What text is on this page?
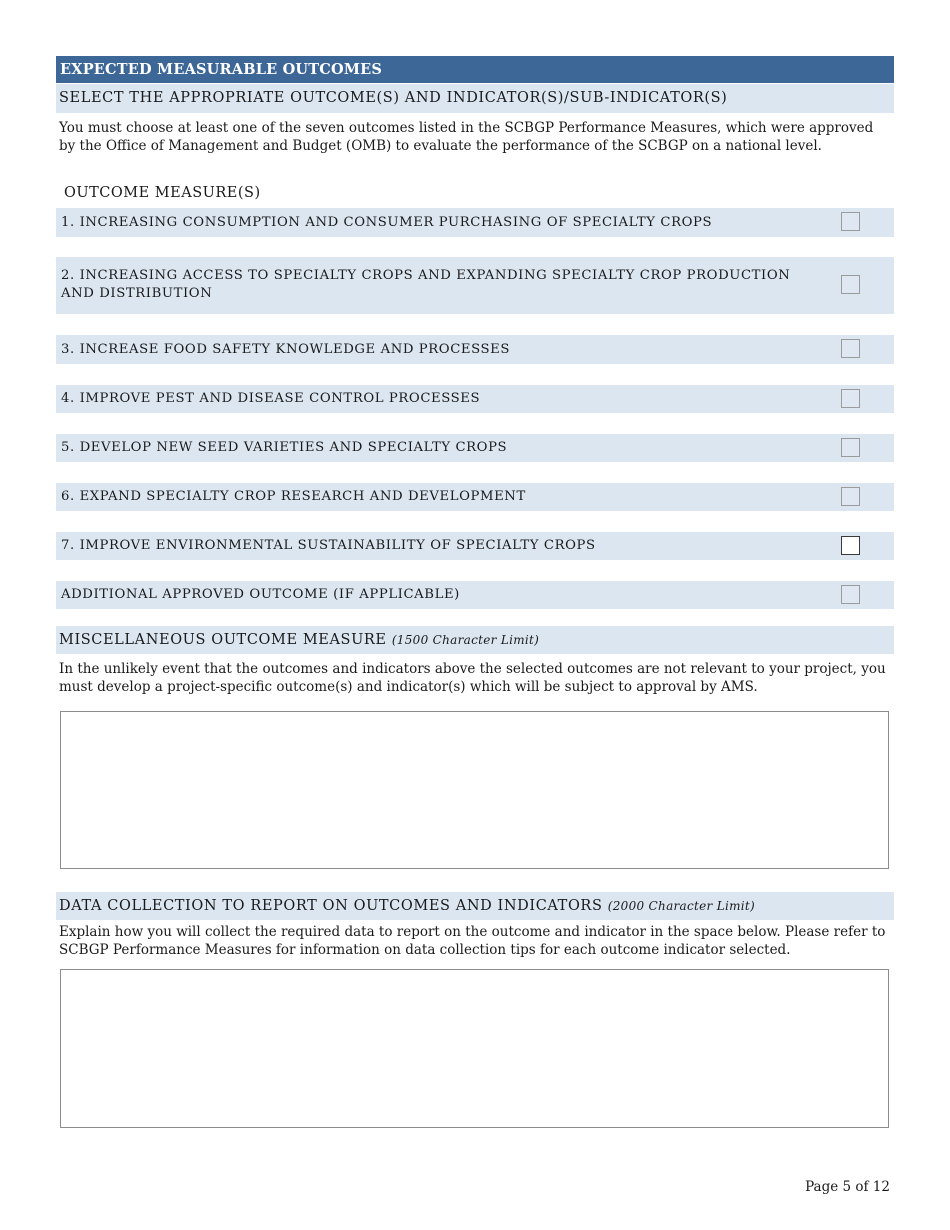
EXPECTED MEASURABLE OUTCOMES
SELECT THE APPROPRIATE OUTCOME(S) AND INDICATOR(S)/SUB-INDICATOR(S)
You must choose at least one of the seven outcomes listed in the SCBGP Performance Measures, which were approved by the Office of Management and Budget (OMB) to evaluate the performance of the SCBGP on a national level.
OUTCOME MEASURE(S)
1. INCREASING CONSUMPTION AND CONSUMER PURCHASING OF SPECIALTY CROPS
2. INCREASING ACCESS TO SPECIALTY CROPS AND EXPANDING SPECIALTY CROP PRODUCTION AND DISTRIBUTION
3. INCREASE FOOD SAFETY KNOWLEDGE AND PROCESSES
4. IMPROVE PEST AND DISEASE CONTROL PROCESSES
5. DEVELOP NEW SEED VARIETIES AND SPECIALTY CROPS
6. EXPAND SPECIALTY CROP RESEARCH AND DEVELOPMENT
7. IMPROVE ENVIRONMENTAL SUSTAINABILITY OF SPECIALTY CROPS
ADDITIONAL APPROVED OUTCOME (IF APPLICABLE)
MISCELLANEOUS OUTCOME MEASURE (1500 Character Limit)
In the unlikely event that the outcomes and indicators above the selected outcomes are not relevant to your project, you must develop a project-specific outcome(s) and indicator(s) which will be subject to approval by AMS.
DATA COLLECTION TO REPORT ON OUTCOMES AND INDICATORS (2000 Character Limit)
Explain how you will collect the required data to report on the outcome and indicator in the space below. Please refer to SCBGP Performance Measures for information on data collection tips for each outcome indicator selected.
Page 5 of 12
